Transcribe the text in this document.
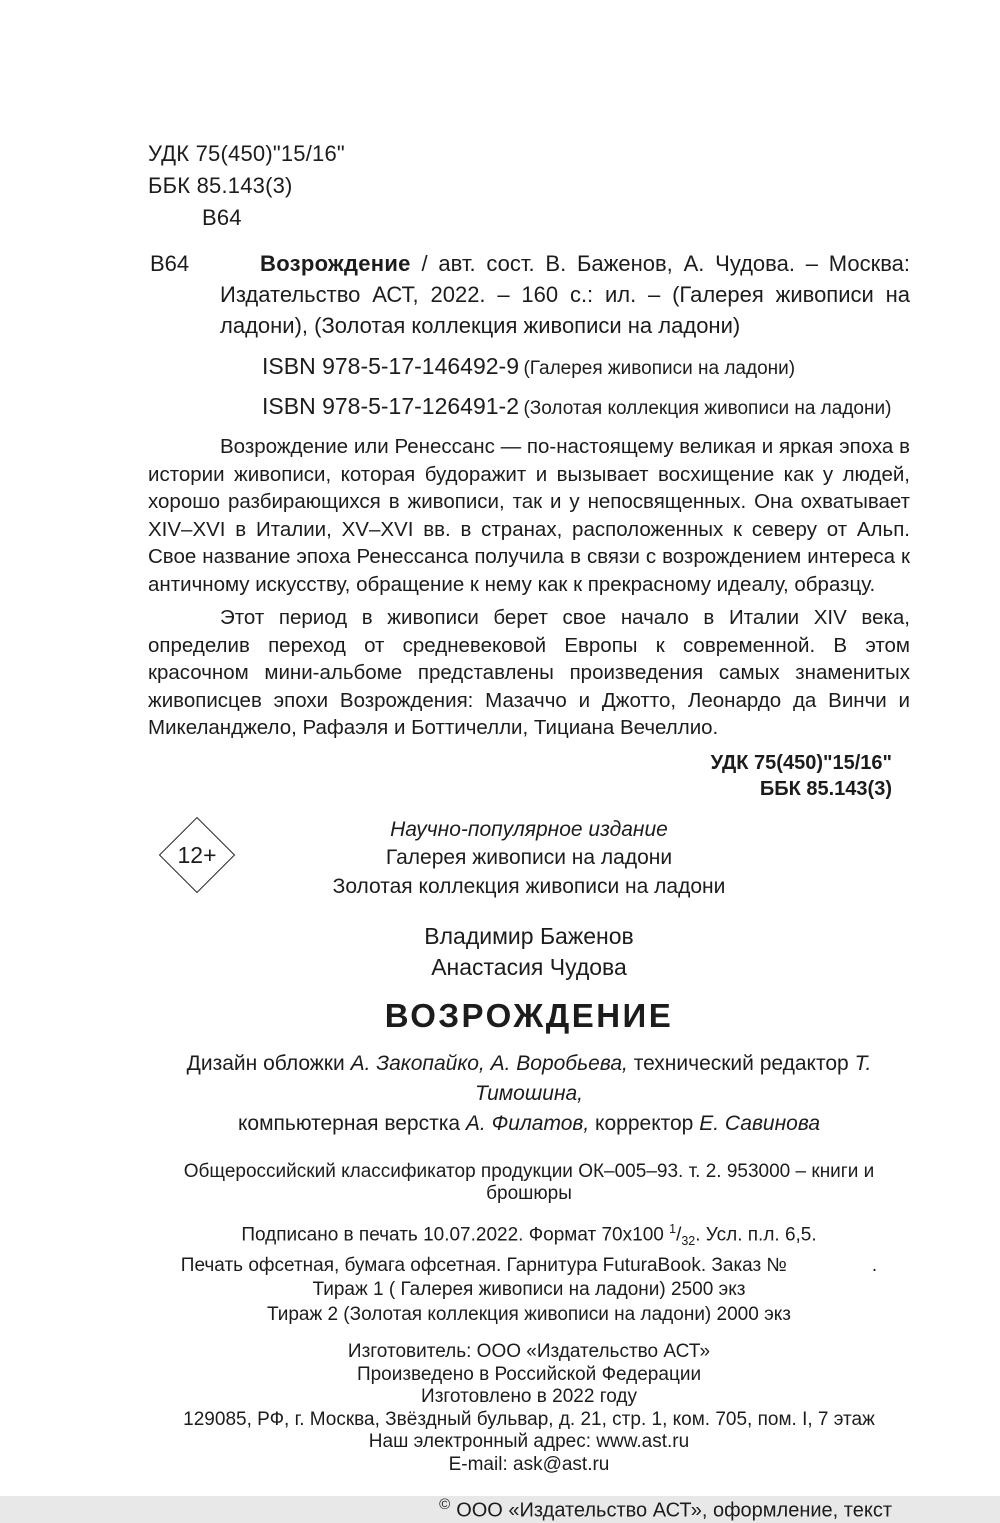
УДК 75(450)"15/16"
ББК 85.143(3)
В64
В64	Возрождение / авт. сост. В. Баженов, А. Чудова. – Москва: Издательство АСТ, 2022. – 160 с.: ил. – (Галерея живописи на ладони), (Золотая коллекция живописи на ладони)

ISBN 978-5-17-146492-9 (Галерея живописи на ладони)
ISBN 978-5-17-126491-2 (Золотая коллекция живописи на ладони)

Возрождение или Ренессанс — по-настоящему великая и яркая эпоха в истории живописи, которая будоражит и вызывает восхищение как у людей, хорошо разбирающихся в живописи, так и у непосвященных. Она охватывает XIV–XVI в Италии, XV–XVI вв. в странах, расположенных к северу от Альп. Свое название эпоха Ренессанса получила в связи с возрождением интереса к античному искусству, обращение к нему как к прекрасному идеалу, образцу.

Этот период в живописи берет свое начало в Италии XIV века, определив переход от средневековой Европы к современной. В этом красочном мини-альбоме представлены произведения самых знаменитых живописцев эпохи Возрождения: Мазаччо и Джотто, Леонардо да Винчи и Микеланджело, Рафаэля и Боттичелли, Тициана Вечеллио.

УДК 75(450)"15/16"
ББК 85.143(3)
12+
Научно-популярное издание
Галерея живописи на ладони
Золотая коллекция живописи на ладони
Владимир Баженов
Анастасия Чудова
ВОЗРОЖДЕНИЕ
Дизайн обложки А. Закопайко, А. Воробьева, технический редактор Т. Тимошина,
компьютерная верстка А. Филатов, корректор Е. Савинова
Общероссийский классификатор продукции ОК–005–93. т. 2. 953000 – книги и брошюры
Подписано в печать 10.07.2022. Формат 70х100 $^1/_{32}$. Усл. п.л. 6,5.
Печать офсетная, бумага офсетная. Гарнитура FuturaBook. Заказ №	.
Тираж 1 ( Галерея живописи на ладони) 2500 экз
Тираж 2 (Золотая коллекция живописи на ладони) 2000 экз
Изготовитель: ООО «Издательство АСТ»
Произведено в Российской Федерации
Изготовлено в 2022 году
129085, РФ, г. Москва, Звёздный бульвар, д. 21, стр. 1, ком. 705, пом. I, 7 этаж
Наш электронный адрес: www.ast.ru
E-mail: ask@ast.ru
© ООО «Издательство АСТ», оформление, текст
